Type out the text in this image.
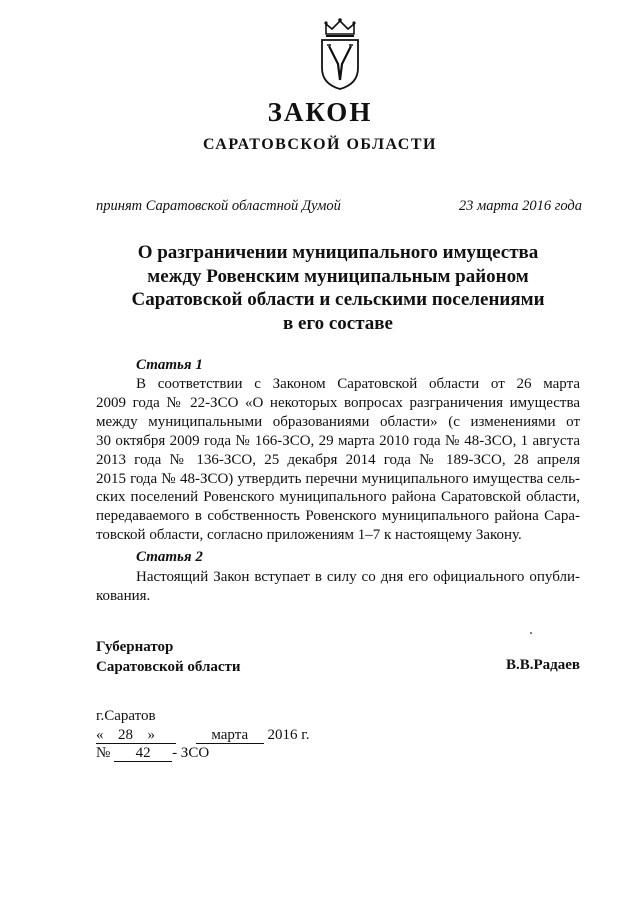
ЗАКОН
САРАТОВСКОЙ ОБЛАСТИ
принят Саратовской областной Думой	23 марта 2016 года
О разграничении муниципального имущества
между Ровенским муниципальным районом
Саратовской области и сельскими поселениями
в его составе
Статья 1
В соответствии с Законом Саратовской области от 26 марта
2009 года № 22-ЗСО «О некоторых вопросах разграничения имущества
между муниципальными образованиями области» (с изменениями от
30 октября 2009 года № 166-ЗСО, 29 марта 2010 года № 48-ЗСО, 1 августа
2013 года № 136-ЗСО, 25 декабря 2014 года № 189-ЗСО, 28 апреля
2015 года № 48-ЗСО) утвердить перечни муниципального имущества сель-
ских поселений Ровенского муниципального района Саратовской области,
передаваемого в собственность Ровенского муниципального района Сара-
товской области, согласно приложениям 1–7 к настоящему Закону.
Статья 2
Настоящий Закон вступает в силу со дня его официального опубли-
кования.
Губернатор
Саратовской области	В.В.Радаев
г.Саратов
« 28 »	марта 2016 г.
№ 42 - ЗСО
